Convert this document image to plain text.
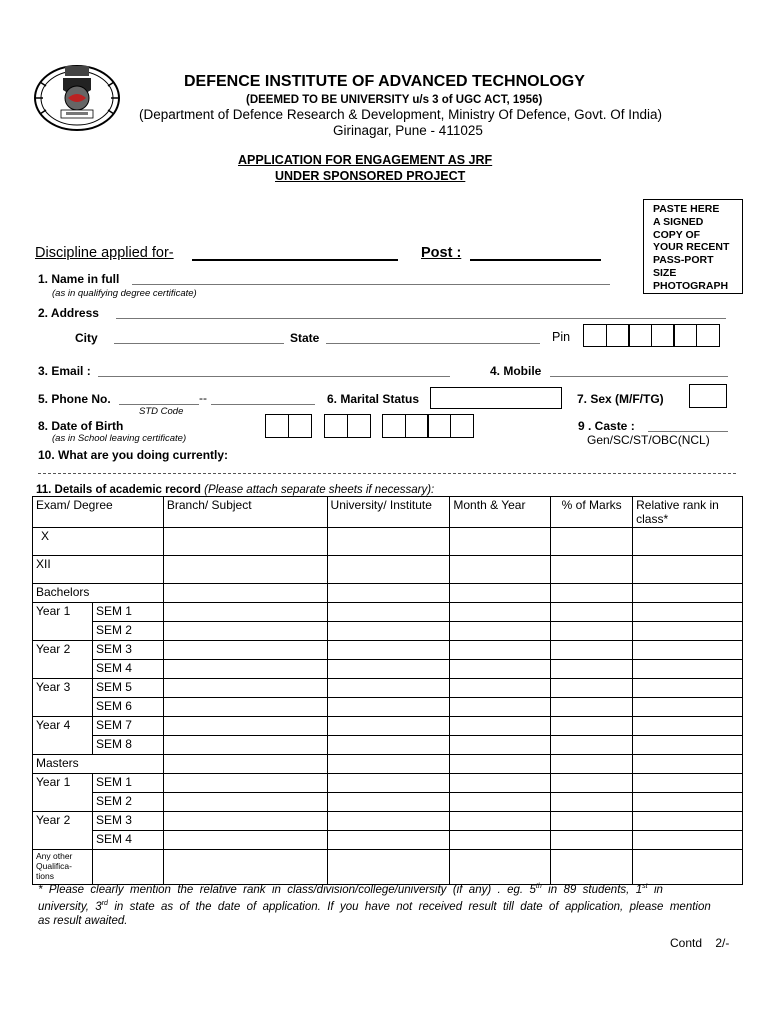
DEFENCE INSTITUTE OF ADVANCED TECHNOLOGY
(DEEMED TO BE UNIVERSITY u/s 3 of UGC ACT, 1956)
(Department of Defence Research & Development, Ministry Of Defence, Govt. Of India)
Girinagar, Pune - 411025
APPLICATION FOR ENGAGEMENT AS JRF
UNDER SPONSORED PROJECT
PASTE HERE
A SIGNED
COPY OF
YOUR RECENT
PASS-PORT
SIZE
PHOTOGRAPH
Discipline applied for-	Post :
1. Name in full
(as in qualifying degree certificate)
2. Address
City	State	Pin
3. Email :	4. Mobile
5. Phone No.	--
STD Code
6. Marital Status	7. Sex (M/F/TG)
8. Date of Birth
(as in School leaving certificate)
9 . Caste :
Gen/SC/ST/OBC(NCL)
10. What are you doing currently:
11. Details of academic record (Please attach separate sheets if necessary):
Exam/ Degree		Branch/ Subject	University/ Institute	Month & Year	% of Marks	Relative rank in class*
X						
XII						
Bachelors						
Year 1	SEM 1					
	SEM 2					
Year 2	SEM 3					
	SEM 4					
Year 3	SEM 5					
	SEM 6					
Year 4	SEM 7					
	SEM 8					
Masters						
Year 1	SEM 1					
	SEM 2					
Year 2	SEM 3					
	SEM 4					

Any other
Qualifica-
tions						

*  Please  clearly  mention  the  relative  rank  in  class/division/college/university  (if  any)  .  eg.  5th  in  89  students,  1st  in
university,  3rd  in  state  as  of  the  date  of  application.  If  you  have  not  received  result  till  date  of  application,  please  mention
as result awaited.
Contd    2/-
